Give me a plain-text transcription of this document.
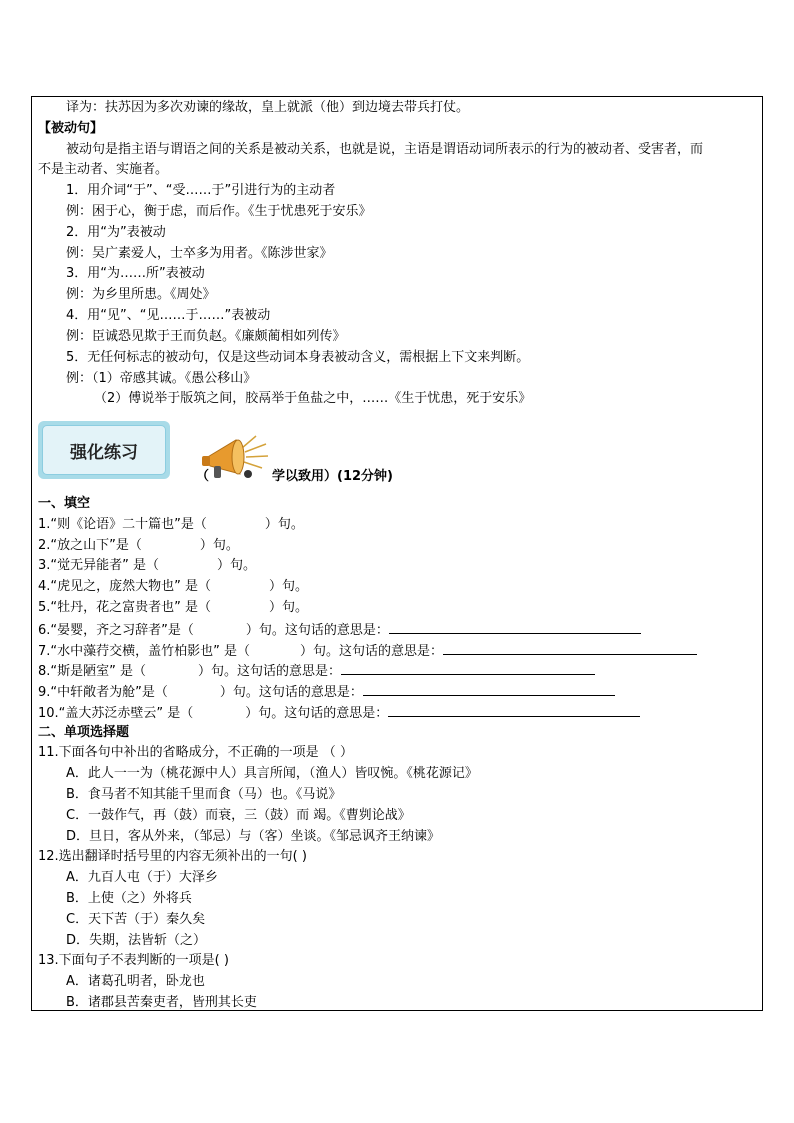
译为：扶苏因为多次劝谏的缘故，皇上就派（他）到边境去带兵打仗。
【被动句】
被动句是指主语与谓语之间的关系是被动关系，也就是说，主语是谓语动词所表示的行为的被动者、受害者，而
不是主动者、实施者。
1．用介词“于”、“受……于”引进行为的主动者
例：困于心，衡于虑，而后作。《生于忧患死于安乐》
2．用“为”表被动
例：吴广素爱人，士卒多为用者。《陈涉世家》
3．用“为……所”表被动
例：为乡里所患。《周处》
4．用“见”、“见……于……”表被动
例：臣诚恐见欺于王而负赵。《廉颇蔺相如列传》
5．无任何标志的被动句，仅是这些动词本身表被动含义，需根据上下文来判断。
例：（1）帝感其诚。《愚公移山》
（2）傅说举于版筑之间，胶鬲举于鱼盐之中，……《生于忧患，死于安乐》
强化练习
（	学以致用）(12分钟)
一、填空
1.“则《论语》二十篇也”是（	）句。
2.“放之山下”是（	）句。
3.“觉无异能者” 是（	）句。
4.“虎见之，庞然大物也” 是（	）句。
5.“牡丹，花之富贵者也” 是（	）句。
6.“晏婴，齐之习辞者”是（	）句。这句话的意思是：
7.“水中藻荇交横，盖竹柏影也” 是（	）句。这句话的意思是：
8.“斯是陋室” 是（	）句。这句话的意思是：
9.“中轩敞者为舱”是（	）句。这句话的意思是：
10.“盖大苏泛赤壁云” 是（	）句。这句话的意思是：
二、单项选择题
11.下面各句中补出的省略成分，不正确的一项是 （ ）
A．此人一一为（桃花源中人）具言所闻，（渔人）皆叹惋。《桃花源记》
B．食马者不知其能千里而食（马）也。《马说》
C．一鼓作气，再（鼓）而衰，三（鼓）而 竭。《曹刿论战》
D．旦日，客从外来，（邹忌）与（客）坐谈。《邹忌讽齐王纳谏》
12.选出翻译时括号里的内容无须补出的一句( )
A．九百人屯（于）大泽乡
B．上使（之）外将兵
C．天下苦（于）秦久矣
D．失期，法皆斩（之）
13.下面句子不表判断的一项是( )
A．诸葛孔明者，卧龙也
B．诸郡县苦秦吏者，皆刑其长吏
